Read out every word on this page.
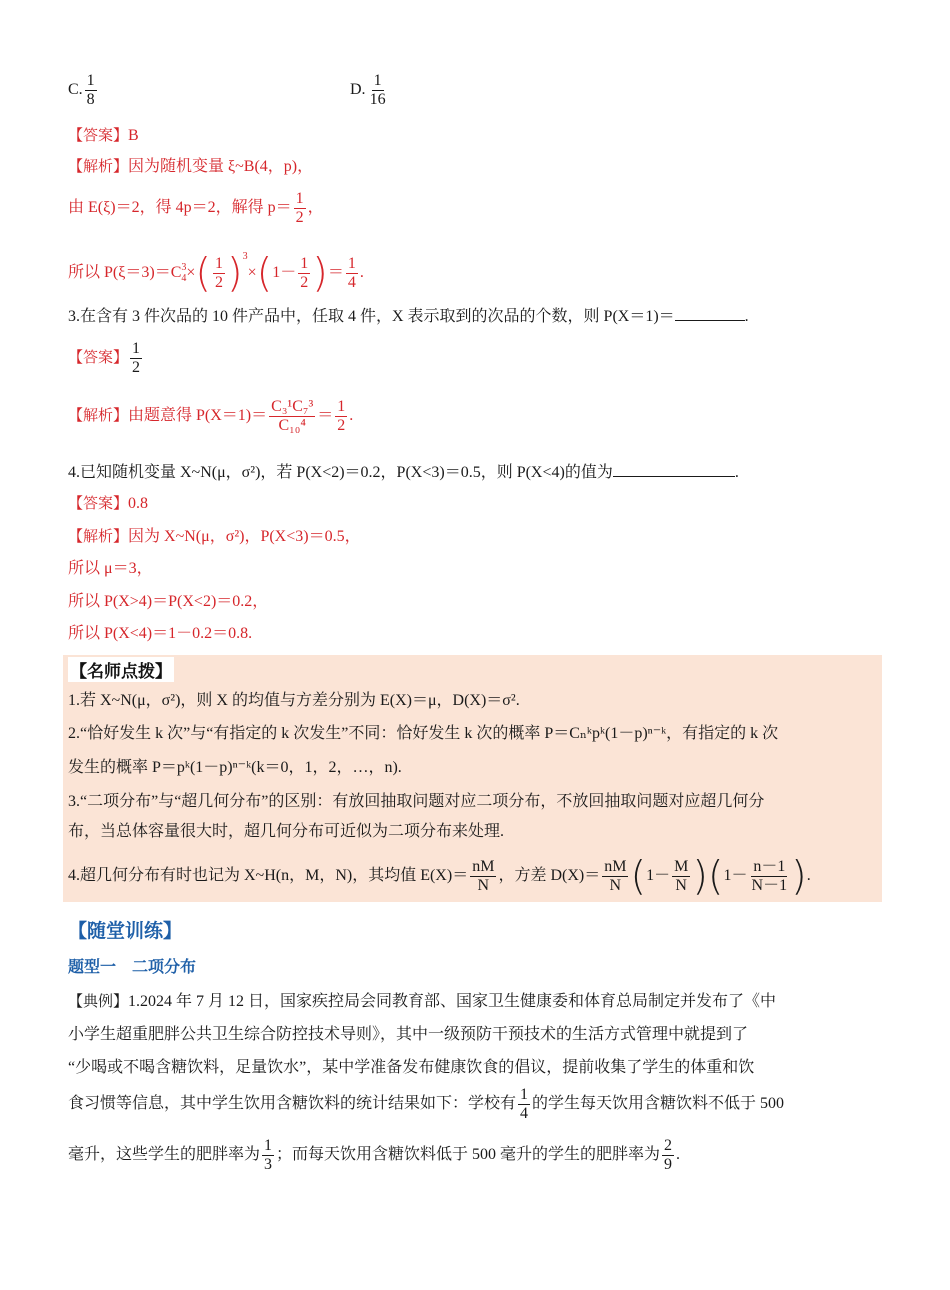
C. $\frac{1}{8}$	D. $\frac{1}{16}$
【答案】B
【解析】因为随机变量 ξ~B(4，p)，
由 E(ξ)＝2，得 4p＝2，解得 $p= \frac{1}{2}$ ，
所以 P(ξ＝3)＝C 3
4 ×( $\frac{1}{2} )^3\times(1- \frac{1}{2}$ )＝ $\frac{1}{4}$ .
3.在含有 3 件次品的 10 件产品中，任取 4 件，X 表示取到的次品的个数，则 P(X＝1)＝	.
【答案】 $\frac{1}{2}$
【解析】由题意得 $P(X=1)= \frac{\text{C₃¹C₇³}}{\text{C₁₀⁴}} = \frac{1}{2}$ .
4.已知随机变量 X~N(μ，σ²)，若 P(X<2)＝0.2，P(X<3)＝0.5，则 P(X<4)的值为	.
【答案】0.8
【解析】因为 X~N(μ，σ²)，P(X<3)＝0.5，
所以 μ＝3，
所以 P(X>4)＝P(X<2)＝0.2，
所以 P(X<4)＝1－0.2＝0.8.
【名师点拨】
1.若 X~N(μ，σ²)，则 X 的均值与方差分别为 E(X)＝μ，D(X)＝σ².
2.“恰好发生 k 次”与“有指定的 k 次发生”不同：恰好发生 k 次的概率 P＝Cₙᵏpᵏ(1－p)ⁿ⁻ᵏ，有指定的 k 次
发生的概率 P＝pᵏ(1－p)ⁿ⁻ᵏ(k＝0，1，2，…，n).
3.“二项分布”与“超几何分布”的区别：有放回抽取问题对应二项分布，不放回抽取问题对应超几何分
布，当总体容量很大时，超几何分布可近似为二项分布来处理.
4.超几何分布有时也记为 X~H(n，M，N)，其均值 $E(X)= \frac{nM}{N}$ ，方差 $D(X)= \frac{nM}{N} (1- \frac{M}{N} )(1- \frac{n-1}{N-1}$ ).
【随堂训练】
题型一　二项分布
【典例】1.2024 年 7 月 12 日，国家疾控局会同教育部、国家卫生健康委和体育总局制定并发布了《中
小学生超重肥胖公共卫生综合防控技术导则》，其中一级预防干预技术的生活方式管理中就提到了
“少喝或不喝含糖饮料，足量饮水”，某中学准备发布健康饮食的倡议，提前收集了学生的体重和饮
食习惯等信息，其中学生饮用含糖饮料的统计结果如下：学校有 $\frac{1}{4}$ 的学生每天饮用含糖饮料不低于 500
毫升，这些学生的肥胖率为 $\frac{1}{3}$ ；而每天饮用含糖饮料低于 500 毫升的学生的肥胖率为 $\frac{2}{9}$ .
